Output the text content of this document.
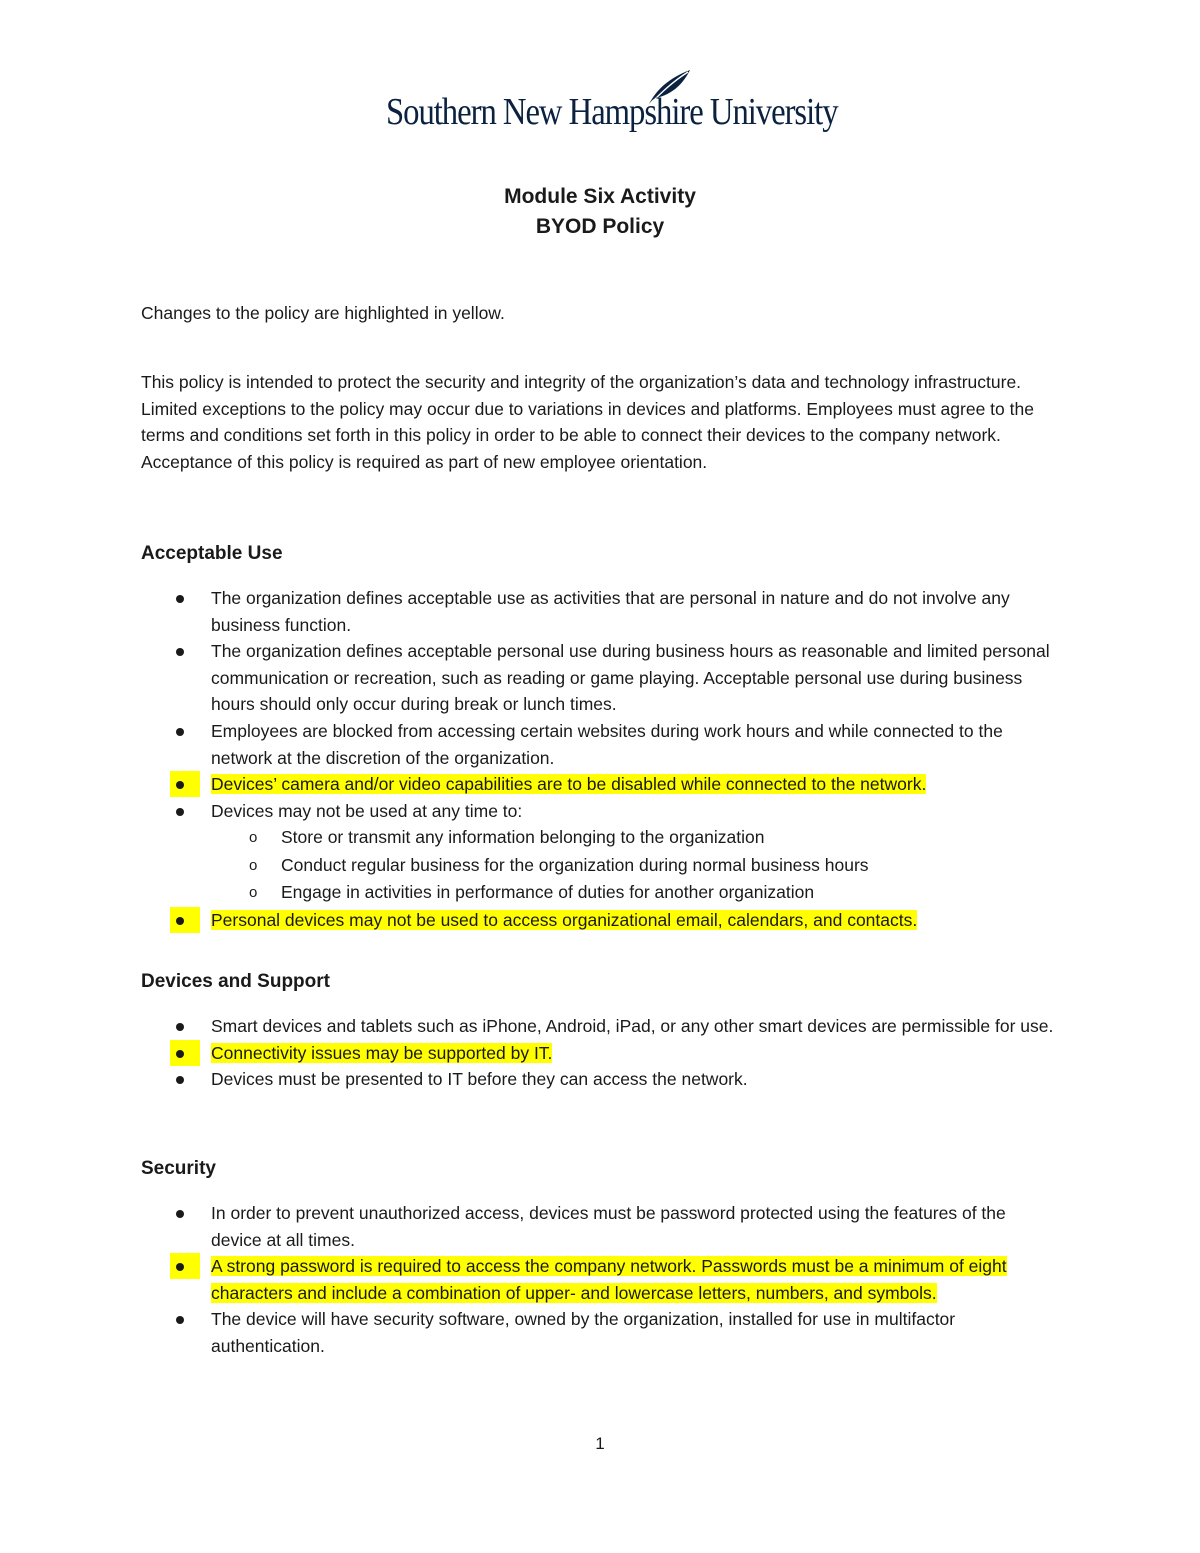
Southern New Hampshire University
Module Six Activity
BYOD Policy
Changes to the policy are highlighted in yellow.
This policy is intended to protect the security and integrity of the organization’s data and technology infrastructure. Limited exceptions to the policy may occur due to variations in devices and platforms. Employees must agree to the terms and conditions set forth in this policy in order to be able to connect their devices to the company network. Acceptance of this policy is required as part of new employee orientation.
Acceptable Use
The organization defines acceptable use as activities that are personal in nature and do not involve any business function.
The organization defines acceptable personal use during business hours as reasonable and limited personal communication or recreation, such as reading or game playing. Acceptable personal use during business hours should only occur during break or lunch times.
Employees are blocked from accessing certain websites during work hours and while connected to the network at the discretion of the organization.
Devices’ camera and/or video capabilities are to be disabled while connected to the network.
Devices may not be used at any time to:
o Store or transmit any information belonging to the organization
o Conduct regular business for the organization during normal business hours
o Engage in activities in performance of duties for another organization
Personal devices may not be used to access organizational email, calendars, and contacts.
Devices and Support
Smart devices and tablets such as iPhone, Android, iPad, or any other smart devices are permissible for use.
Connectivity issues may be supported by IT.
Devices must be presented to IT before they can access the network.
Security
In order to prevent unauthorized access, devices must be password protected using the features of the device at all times.
A strong password is required to access the company network. Passwords must be a minimum of eight characters and include a combination of upper- and lowercase letters, numbers, and symbols.
The device will have security software, owned by the organization, installed for use in multifactor authentication.
1
